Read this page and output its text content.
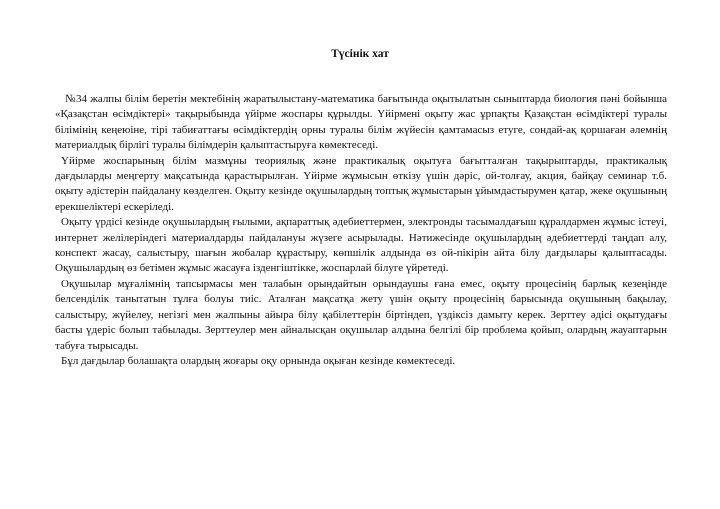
Түсінік хат

№34 жалпы білім беретін мектебінің жаратылыстану-математика бағытында оқытылатын сыныптарда биология пәні бойынша «Қазақстан өсімдіктері» тақырыбында үйірме жоспары құрылды. Үйірмені оқыту жас ұрпақты Қазақстан өсімдіктері туралы білімінің кеңеюіне, тірі табиғаттағы өсімдіктердің орны туралы білім жүйесін қамтамасыз етуге, сондай-ақ қоршаған әлемнің материалдық бірлігі туралы білімдерін қалыптастыруға көмектеседі.

Үйірме жоспарының білім мазмұны теориялық және практикалық оқытуға бағытталған тақырыптарды, практикалық дағдыларды меңгерту мақсатында қарастырылған. Үйірме жұмысын өткізу үшін дәріс, ой-толғау, акция, байқау семинар т.б. оқыту әдістерін пайдалану көзделген. Оқыту кезінде оқушылардың топтық жұмыстарын ұйымдастырумен қатар, жеке оқушының ерекшеліктері ескеріледі.

Оқыту үрдісі кезінде оқушылардың ғылыми, ақпараттық әдебиеттермен, электронды тасымалдағыш құралдармен жұмыс істеуі, интернет желілеріндегі материалдарды пайдалануы жүзеге асырылады. Нәтижесінде оқушылардың әдебиеттерді таңдап алу, конспект жасау, салыстыру, шағын жобалар құрастыру, көпшілік алдында өз ой-пікірін айта білу дағдылары қалыптасады. Оқушылардың өз бетімен жұмыс жасауға ізденгіштікке, жоспарлай білуге үйретеді.

Оқушылар мұғалімнің тапсырмасы мен талабын орындайтын орындаушы ғана емес, оқыту процесінің барлық кезеңінде белсенділік танытатын тұлға болуы тиіс. Аталған мақсатқа жету үшін оқыту процесінің барысында оқушының бақылау, салыстыру, жүйелеу, негізгі мен жалпыны айыра білу қабілеттерін біртіндеп, үздіксіз дамыту керек. Зерттеу әдісі оқытудағы басты үдеріс болып табылады. Зерттеулер мен айналысқан оқушылар алдына белгілі бір проблема қойып, олардың жауаптарын табуға тырысады.

Бұл дағдылар болашақта олардың жоғары оқу орнында оқыған кезінде көмектеседі.
